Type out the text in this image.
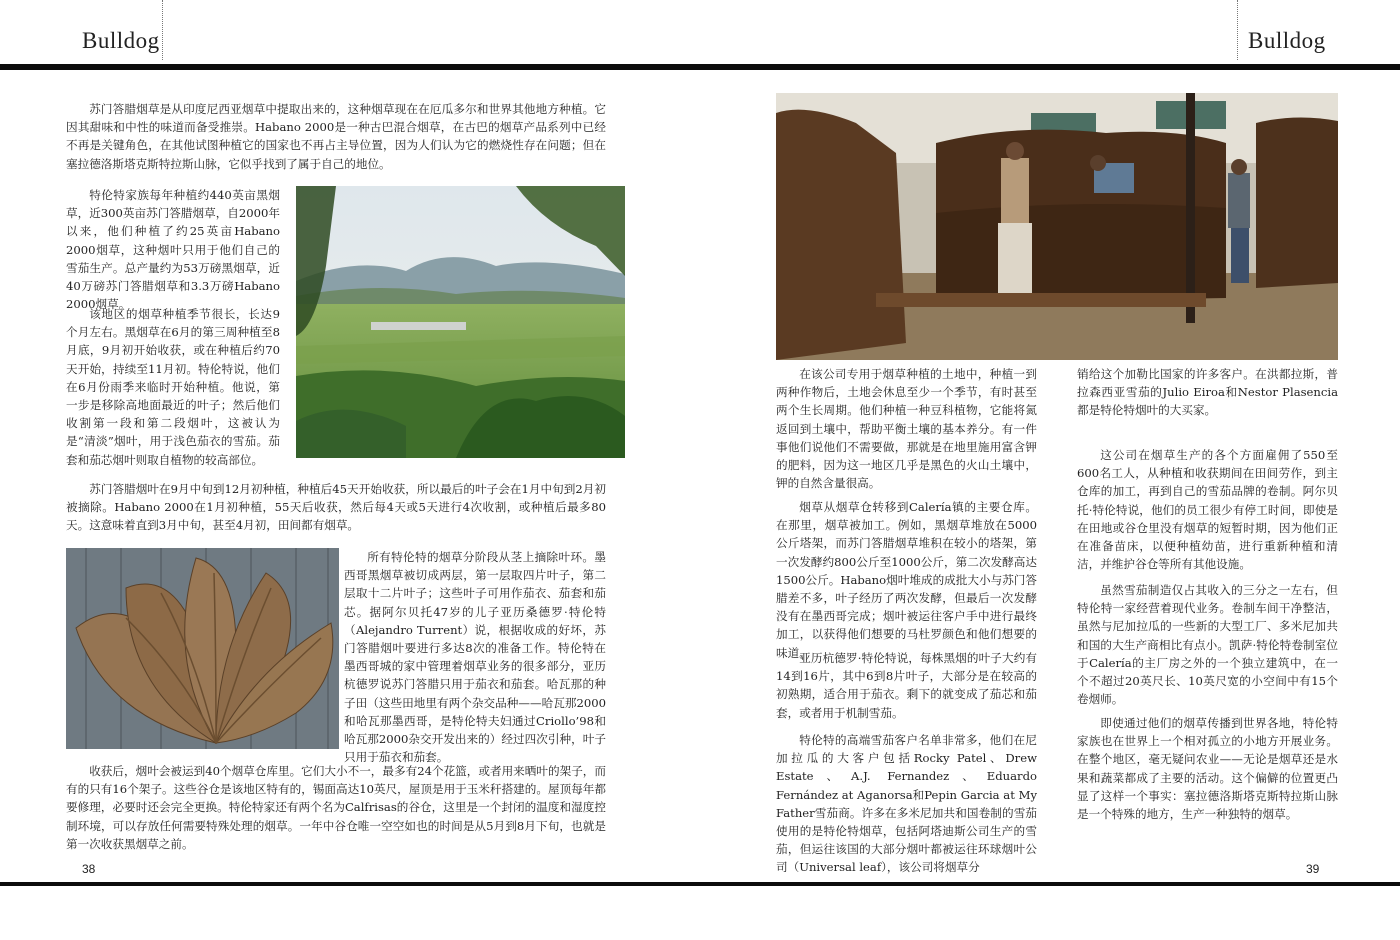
Bulldog	Bulldog

苏门答腊烟草是从印度尼西亚烟草中提取出来的，这种烟草现在在厄瓜多尔和世界其他地方种植。它因其甜味和中性的味道而备受推崇。Habano 2000是一种古巴混合烟草，在古巴的烟草产品系列中已经不再是关键角色，在其他试图种植它的国家也不再占主导位置，因为人们认为它的燃烧性存在问题；但在塞拉德洛斯塔克斯特拉斯山脉，它似乎找到了属于自己的地位。

特伦特家族每年种植约440英亩黑烟草，近300英亩苏门答腊烟草，自2000年以来，他们种植了约25英亩Habano 2000烟草，这种烟叶只用于他们自己的雪茄生产。总产量约为53万磅黑烟草，近40万磅苏门答腊烟草和3.3万磅Habano 2000烟草。

该地区的烟草种植季节很长，长达9个月左右。黑烟草在6月的第三周种植至8月底，9月初开始收获，或在种植后约70天开始，持续至11月初。特伦特说，他们在6月份雨季来临时开始种植。他说，第一步是移除高地面最近的叶子；然后他们收割第一段和第二段烟叶，这被认为是“清淡”烟叶，用于浅色茄衣的雪茄。茄套和茄芯烟叶则取自植物的较高部位。

苏门答腊烟叶在9月中旬到12月初种植，种植后45天开始收获，所以最后的叶子会在1月中旬到2月初被摘除。Habano 2000在1月初种植，55天后收获，然后每4天或5天进行4次收割，或种植后最多80天。这意味着直到3月中旬，甚至4月初，田间都有烟草。

所有特伦特的烟草分阶段从茎上摘除叶环。墨西哥黑烟草被切成两层，第一层取四片叶子，第二层取十二片叶子；这些叶子可用作茄衣、茄套和茄芯。据阿尔贝托47岁的儿子亚历桑德罗·特伦特（Alejandro Turrent）说，根据收成的好坏，苏门答腊烟叶要进行多达8次的准备工作。特伦特在墨西哥城的家中管理着烟草业务的很多部分，亚历杭德罗说苏门答腊只用于茄衣和茄套。哈瓦那的种子田（这些田地里有两个杂交品种——哈瓦那2000和哈瓦那墨西哥，是特伦特夫妇通过Criollo’98和哈瓦那2000杂交开发出来的）经过四次引种，叶子只用于茄衣和茄套。

收获后，烟叶会被运到40个烟草仓库里。它们大小不一，最多有24个花篮，或者用来晒叶的架子，而有的只有16个架子。这些谷仓是该地区特有的，锡面高达10英尺，屋顶是用于玉米秆搭建的。屋顶每年都要修理，必要时还会完全更换。特伦特家还有两个名为Calfrisas的谷仓，这里是一个封闭的温度和湿度控制环境，可以存放任何需要特殊处理的烟草。一年中谷仓唯一空空如也的时间是从5月到8月下旬，也就是第一次收获黑烟草之前。

在该公司专用于烟草种植的土地中，种植一到两种作物后，土地会休息至少一个季节，有时甚至两个生长周期。他们种植一种豆科植物，它能将氮返回到土壤中，帮助平衡土壤的基本养分。有一件事他们说他们不需要做，那就是在地里施用富含钾的肥料，因为这一地区几乎是黑色的火山土壤中，钾的自然含量很高。

烟草从烟草仓转移到Calería镇的主要仓库。在那里，烟草被加工。例如，黑烟草堆放在5000公斤塔架，而苏门答腊烟草堆积在较小的塔架，第一次发酵约800公斤至1000公斤，第二次发酵高达1500公斤。Habano烟叶堆成的成批大小与苏门答腊差不多，叶子经历了两次发酵，但最后一次发酵没有在墨西哥完成；烟叶被运往客户手中进行最终加工，以获得他们想要的马杜罗颜色和他们想要的味道。

亚历杭德罗·特伦特说，每株黑烟的叶子大约有14到16片，其中6到8片叶子，大部分是在较高的初熟期，适合用于茄衣。剩下的就变成了茄芯和茄套，或者用于机制雪茄。

特伦特的高端雪茄客户名单非常多，他们在尼加拉瓜的大客户包括Rocky Patel、Drew Estate、A.J. Fernandez、Eduardo Fernández at Aganorsa和Pepin Garcia at My Father雪茄商。许多在多米尼加共和国卷制的雪茄使用的是特伦特烟草，包括阿塔迪斯公司生产的雪茄，但运往该国的大部分烟叶都被运往环球烟叶公司（Universal leaf），该公司将烟草分

销给这个加勒比国家的许多客户。在洪都拉斯，普拉森西亚雪茄的Julio Eiroa和Nestor Plasencia都是特伦特烟叶的大买家。

这公司在烟草生产的各个方面雇佣了550至600名工人，从种植和收获期间在田间劳作，到主仓库的加工，再到自己的雪茄品牌的卷制。阿尔贝托·特伦特说，他们的员工很少有停工时间，即使是在田地或谷仓里没有烟草的短暂时期，因为他们正在准备苗床，以便种植幼苗，进行重新种植和清洁，并维护谷仓等所有其他设施。

虽然雪茄制造仅占其收入的三分之一左右，但特伦特一家经营着现代业务。卷制车间干净整洁，虽然与尼加拉瓜的一些新的大型工厂、多米尼加共和国的大生产商相比有点小。凯萨·特伦特卷制室位于Calería的主厂房之外的一个独立建筑中，在一个不超过20英尺长、10英尺宽的小空间中有15个卷烟师。

即使通过他们的烟草传播到世界各地，特伦特家族也在世界上一个相对孤立的小地方开展业务。在整个地区，毫无疑问农业——无论是烟草还是水果和蔬菜都成了主要的活动。这个偏僻的位置更凸显了这样一个事实：塞拉德洛斯塔克斯特拉斯山脉是一个特殊的地方，生产一种独特的烟草。

38	39
